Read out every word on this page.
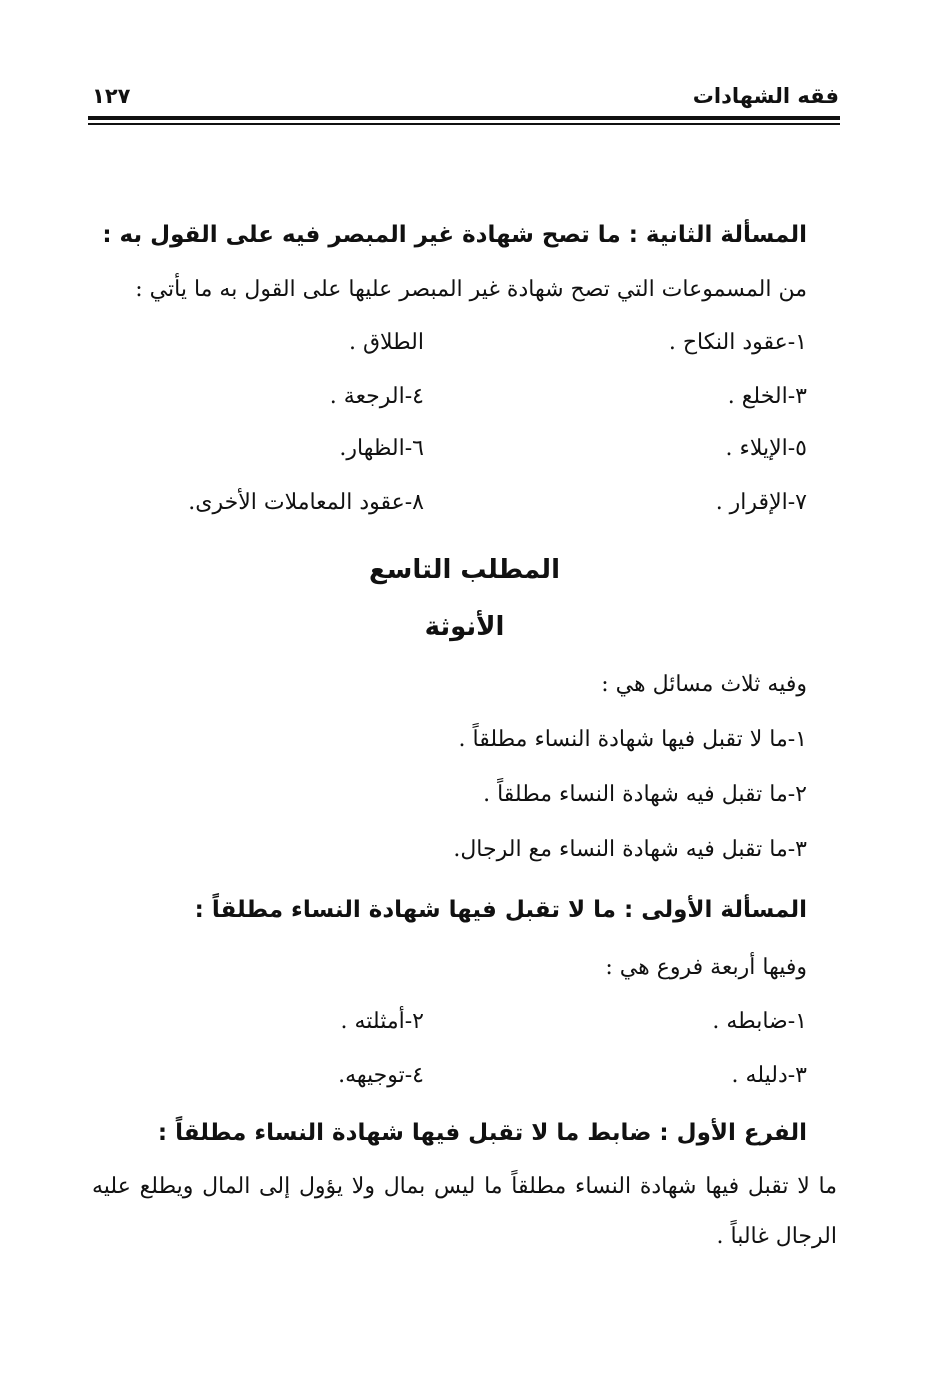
فقه الشهادات
١٢٧
المسألة الثانية : ما تصح شهادة غير المبصر فيه على القول به :
من المسموعات التي تصح شهادة غير المبصر عليها على القول به ما يأتي :
١-عقود النكاح .
الطلاق .
٣-الخلع .
٤-الرجعة .
٥-الإيلاء .
٦-الظهار.
٧-الإقرار .
٨-عقود المعاملات الأخرى.
المطلب التاسع
الأنوثة
وفيه ثلاث مسائل هي :
١-ما لا تقبل فيها شهادة النساء مطلقاً .
٢-ما تقبل فيه شهادة النساء مطلقاً .
٣-ما تقبل فيه شهادة النساء مع الرجال.
المسألة الأولى : ما لا تقبل فيها شهادة النساء مطلقاً :
وفيها أربعة فروع هي :
١-ضابطه .
٢-أمثلته .
٣-دليله .
٤-توجيهه.
الفرع الأول : ضابط ما لا تقبل فيها شهادة النساء مطلقاً :
ما لا تقبل فيها شهادة النساء مطلقاً ما ليس بمال ولا يؤول إلى المال ويطلع عليه الرجال غالباً .
